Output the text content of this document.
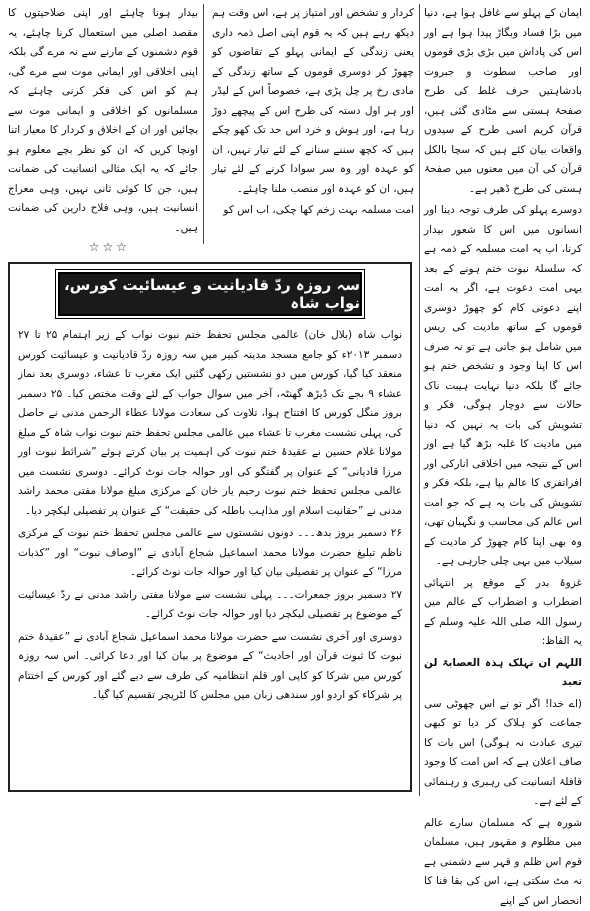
ایمان کے پہلو سے غافل ہوا ہے، دنیا میں بڑا فساد وبگاڑ پیدا ہوا ہے اور اس کی پاداش میں بڑی بڑی قوموں اور صاحب سطوت و جبروت بادشاہتیں حرف غلط کی طرح صفحۂ ہستی سے مٹادی گئی ہیں، قرآن کریم اسی طرح کے سیدوں واقعات بیان کئے ہیں کہ سچا بالکل قرآن کی آن میں معنوں میں صفحۂ ہستی کی طرح ڈھیر ہے۔

دوسرے پہلو کی طرف توجہ دینا اور انسانوں میں اس کا شعور بیدار کرنا، اب یہ امت مسلمہ کے ذمہ ہے کہ سلسلۂ نبوت ختم ہونے کے بعد یہی امت دعوت ہے، اگر یہ امت اپنے دعوتی کام کو چھوڑ دوسری قوموں کے ساتھ مادیت کی ریس میں شامل ہو جاتی ہے تو نہ صرف اس کا اپنا وجود و تشخص ختم ہو جائے گا بلکہ دنیا نہایت ہیبت ناک حالات سے دوچار ہوگی، فکر و تشویش کی بات یہ نہیں کہ دنیا میں مادیت کا غلبہ بڑھ گیا ہے اور اس کے نتیجہ میں اخلاقی انارکی اور افراتفری کا عالم بپا ہے، بلکہ فکر و تشویش کی بات یہ ہے کہ جو امت اس عالم کی محاسب و نگہبان تھی، وہ بھی اپنا کام چھوڑ کر مادیت کے سیلاب میں بہی چلی جارہی ہے۔

غزوۂ بدر کے موقع پر انتہائی اضطراب و اضطراب کے عالم میں رسول اللہ صلی اللہ علیہ وسلم کے یہ الفاظ:

اللہم ان تہلک ہذہ العصابۃ لن تعبد

(اے خدا! اگر تو نے اس چھوٹی سی جماعت کو ہلاک کر دیا تو کبھی تیری عبادت نہ ہوگی) اس بات کا صاف اعلان ہے کہ اس امت کا وجود قافلۂ انسانیت کی رہبری و رہنمائی کے لئے ہے۔

شورہ ہے کہ مسلمان سارے عالم میں مظلوم و مقہور ہیں، مسلمان قوم اس ظلم و قہر سے دشمنی ہے نہ مٹ سکتی ہے، اس کی بقا فنا کا انحصار اس کے اپنے

کردار و تشخص اور امتیاز پر ہے، اس وقت ہم دیکھ رہے ہیں کہ یہ قوم اپنی اصل ذمہ داری یعنی زندگی کے ایمانی پہلو کے تقاضوں کو چھوڑ کر دوسری قوموں کے ساتھ زندگی کے مادی رخ پر چل پڑی ہے، خصوصاً اس کے لیڈر اور ہر اول دستہ کی طرح اس کے پیچھے دوڑ رہا ہے، اور ہوش و خرد اس حد تک کھو چکے ہیں کہ کچھ سننے سنانے کے لئے تیار نہیں، ان کو عہدہ اور وہ سر سوادا کرنے کے لئے تیار ہیں، ان کو عہدہ اور منصب ملنا چاہئے۔

امت مسلمہ بہت زخم کھا چکی، اب اس کو

بیدار ہونا چاہئے اور اپنی صلاحیتوں کا مقصد اصلی میں استعمال کرنا چاہئے، یہ قوم دشمنوں کے مارنے سے نہ مرے گی بلکہ اپنی اخلاقی اور ایمانی موت سے مرے گی، ہم کو اس کی فکر کرنی چاہئے کہ مسلمانوں کو اخلاقی و ایمانی موت سے بچائیں اور ان کے اخلاق و کردار کا معیار اتنا اونچا کریں کہ ان کو نظر بچے معلوم ہو جائے کہ یہ ایک مثالی انسانیت کی ضمانت ہیں، جن کا کوئی ثانی نہیں، وہی معراج انسانیت ہیں، وہی فلاح دارین کی ضمانت ہیں۔

☆☆☆
سہ روزہ ردّ قادیانیت و عیسائیت کورس، نواب شاہ

نواب شاہ (بلال خان) عالمی مجلس تحفظ ختم نبوت نواب کے زیر اہتمام ۲۵ تا ۲۷ دسمبر ۲۰۱۳ء کو جامع مسجد مدینہ کبیر میں سہ روزہ ردّ قادیانیت و عیسائیت کورس منعقد کیا گیا، کورس میں دو نشستیں رکھی گئیں ایک مغرب تا عشاء، دوسری بعد نماز عشاء ۹ بجے تک ڈیڑھ گھنٹہ، آخر میں سوال جواب کے لئے وقت مختص کیا۔ ۲۵ دسمبر بروز منگل کورس کا افتتاح ہوا، تلاوت کی سعادت مولانا عطاء الرحمن مدنی نے حاصل کی، پہلی نشست مغرب تا عشاء میں عالمی مجلس تحفظ ختم نبوت نواب شاہ کے مبلغ مولانا غلام حسین نے عقیدۂ ختم نبوت کی اہمیت پر بیان کرتے ہوئے ”شرائط نبوت اور مرزا قادیانی“ کے عنوان پر گفتگو کی اور حوالہ جات نوٹ کرائے۔ دوسری نشست میں عالمی مجلس تحفظ ختم نبوت رحیم یار خان کے مرکزی مبلغ مولانا مفتی محمد راشد مدنی نے ”حقانیت اسلام اور مذاہب باطلہ کی حقیقت“ کے عنوان پر تفصیلی لیکچر دیا۔

۲۶ دسمبر بروز بدھ۔۔۔ دونوں نشستوں سے عالمی مجلس تحفظ ختم نبوت کے مرکزی ناظم تبلیغ حضرت مولانا محمد اسماعیل شجاع آبادی نے ”اوصاف نبوت“ اور ”کذبات مرزا“ کے عنوان پر تفصیلی بیان کیا اور حوالہ جات نوٹ کرائے۔

۲۷ دسمبر بروز جمعرات۔۔۔ پہلی نشست سے مولانا مفتی راشد مدنی نے ردّ عیسائیت کے موضوع پر تفصیلی لیکچر دیا اور حوالہ جات نوٹ کرائے۔

دوسری اور آخری نشست سے حضرت مولانا محمد اسماعیل شجاع آبادی نے ”عقیدۂ ختم نبوت کا ثبوت قرآن اور احادیث“ کے موضوع پر بیان کیا اور دعا کرائی۔ اس سہ روزہ کورس میں شرکا کو کاپی اور قلم انتظامیہ کی طرف سے دیے گئے اور کورس کے اختتام پر شرکاء کو اردو اور سندھی زبان میں مجلس کا لٹریچر تقسیم کیا گیا۔
